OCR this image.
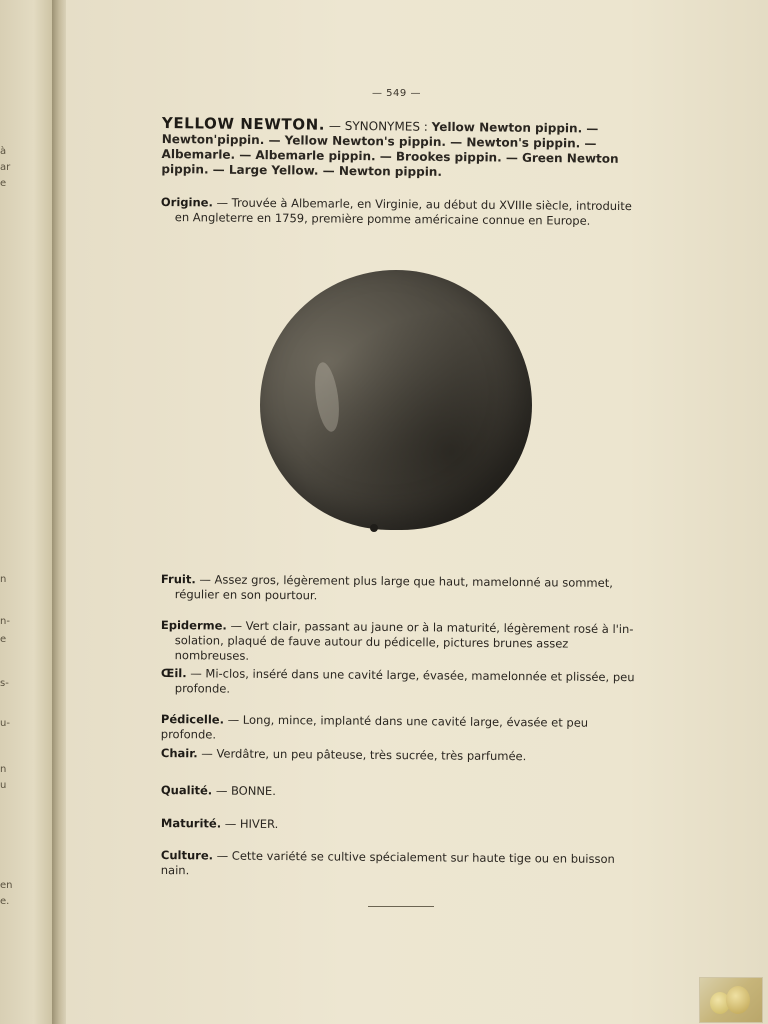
à
ar
e
n
n-
e
s-
u-
n
u
en
e.
— 549 —
YELLOW NEWTON. — SYNONYMES : Yellow Newton pippin. — Newton'pippin. — Yellow Newton's pippin. — Newton's pippin. — Albemarle. — Albemarle pippin. — Brookes pippin. — Green Newton pippin. — Large Yellow. — Newton pippin.
Origine. — Trouvée à Albemarle, en Virginie, au début du XVIIIe siècle, introduite
en Angleterre en 1759, première pomme américaine connue en Europe.
Fruit. — Assez gros, légèrement plus large que haut, mamelonné au sommet,
régulier en son pourtour.
Epiderme. — Vert clair, passant au jaune or à la maturité, légèrement rosé à l'in-
solation, plaqué de fauve autour du pédicelle, pictures brunes assez nombreuses.
Œil. — Mi-clos, inséré dans une cavité large, évasée, mamelonnée et plissée, peu
profonde.
Pédicelle. — Long, mince, implanté dans une cavité large, évasée et peu profonde.
Chair. — Verdâtre, un peu pâteuse, très sucrée, très parfumée.
Qualité. — BONNE.
Maturité. — HIVER.
Culture. — Cette variété se cultive spécialement sur haute tige ou en buisson nain.
